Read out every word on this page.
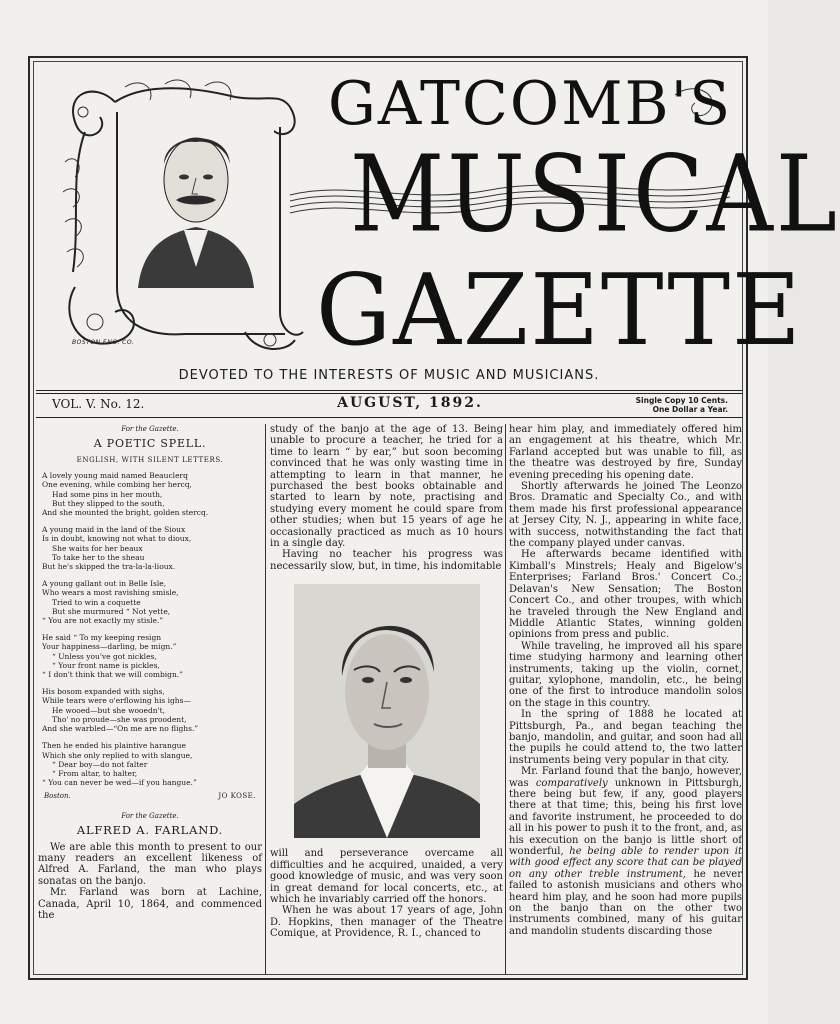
BOSTON ENG. CO.
GATCOMB'S
MUSICAL
GAZETTE
DEVOTED TO THE INTERESTS OF MUSIC AND MUSICIANS.
VOL. V. No. 12.	AUGUST, 1892.	Single Copy 10 Cents.
One Dollar a Year.
For the Gazette.
A POETIC SPELL.
ENGLISH, WITH SILENT LETTERS.
A lovely young maid named Beauclerq
One evening, while combing her hercq,
Had some pins in her mouth,
But they slipped to the south,
And she mounted the bright, golden stercq.
A young maid in the land of the Sioux
Is in doubt, knowing not what to dioux,
She waits for her beaux
To take her to the sheau
But he's skipped the tra-la-la-lioux.
A young gallant out in Belle Isle,
Who wears a most ravishing smisle,
Tried to win a coquette
But she murmured “ Not yette,
“ You are not exactly my stisle.”
He said “ To my keeping resign
Your happiness—darling, be mign.”
“ Unless you've got nickles,
“ Your front name is pickles,
“ I don't think that we will combign.”
His bosom expanded with sighs,
While tears were o'erflowing his ighs—
He wooed—but she wooedn't,
Tho' no proude—she was proodent,
And she warbled—“On me are no flighs.”
Then he ended his plaintive harangue
Which she only replied to with slangue,
“ Dear boy—do not falter
“ From altar, to halter,
“ You can never be wed—if you hangue.”
Boston.	JO KOSE.
For the Gazette.
ALFRED A. FARLAND.

We are able this month to present to our many readers an excellent likeness of Alfred A. Farland, the man who plays sonatas on the banjo.

Mr. Farland was born at Lachine, Canada, April 10, 1864, and commenced the

study of the banjo at the age of 13. Being unable to procure a teacher, he tried for a time to learn “ by ear,” but soon becoming convinced that he was only wasting time in attempting to learn in that manner, he purchased the best books obtainable and started to learn by note, practising and studying every moment he could spare from other studies; when but 15 years of age he occasionally practiced as much as 10 hours in a single day.

Having no teacher his progress was necessarily slow, but, in time, his indomitable

will and perseverance overcame all difficulties and he acquired, unaided, a very good knowledge of music, and was very soon in great demand for local concerts, etc., at which he invariably carried off the honors.

When he was about 17 years of age, John D. Hopkins, then manager of the Theatre Comique, at Providence, R. I., chanced to

hear him play, and immediately offered him an engagement at his theatre, which Mr. Farland accepted but was unable to fill, as the theatre was destroyed by fire, Sunday evening preceding his opening date.

Shortly afterwards he joined The Leonzo Bros. Dramatic and Specialty Co., and with them made his first professional appearance at Jersey City, N. J., appearing in white face, with success, notwithstanding the fact that the company played under canvas.

He afterwards became identified with Kimball's Minstrels; Healy and Bigelow's Enterprises; Farland Bros.' Concert Co.; Delavan's New Sensation; The Boston Concert Co., and other troupes, with which he traveled through the New England and Middle Atlantic States, winning golden opinions from press and public.

While traveling, he improved all his spare time studying harmony and learning other instruments, taking up the violin, cornet, guitar, xylophone, mandolin, etc., he being one of the first to introduce mandolin solos on the stage in this country.

In the spring of 1888 he located at Pittsburgh, Pa., and began teaching the banjo, mandolin, and guitar, and soon had all the pupils he could attend to, the two latter instruments being very popular in that city.

Mr. Farland found that the banjo, however, was comparatively unknown in Pittsburgh, there being but few, if any, good players there at that time; this, being his first love and favorite instrument, he proceeded to do all in his power to push it to the front, and, as his execution on the banjo is little short of wonderful, he being able to render upon it with good effect any score that can be played on any other treble instrument, he never failed to astonish musicians and others who heard him play, and he soon had more pupils on the banjo than on the other two instruments combined, many of his guitar and mandolin students discarding those
